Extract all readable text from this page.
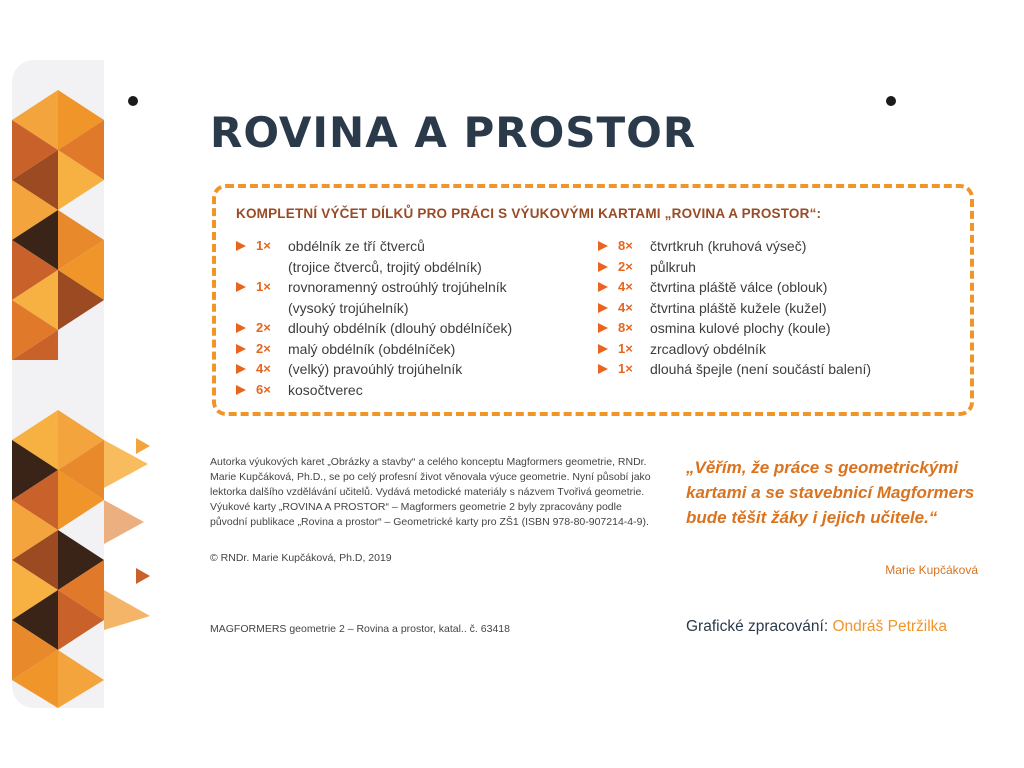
ROVINA A PROSTOR
KOMPLETNÍ VÝČET DÍLKŮ PRO PRÁCI S VÝUKOVÝMI KARTAMI „ROVINA A PROSTOR“:
1× obdélník ze tří čtverců
(trojice čtverců, trojitý obdélník)
1× rovnoramenný ostroúhlý trojúhelník
(vysoký trojúhelník)
2× dlouhý obdélník (dlouhý obdélníček)
2× malý obdélník (obdélníček)
4× (velký) pravoúhlý trojúhelník
6× kosočtverec
8× čtvrtkruh (kruhová výseč)
2× půlkruh
4× čtvrtina pláště válce (oblouk)
4× čtvrtina pláště kužele (kužel)
8× osmina kulové plochy (koule)
1× zrcadlový obdélník
1× dlouhá špejle (není součástí balení)

Autorka výukových karet „Obrázky a stavby“ a celého konceptu Magformers geometrie, RNDr. Marie Kupčáková, Ph.D., se po celý profesní život věnovala výuce geometrie. Nyní působí jako lektorka dalšího vzdělávání učitelů. Vydává metodické materiály s názvem Tvořivá geometrie. Výukové karty „ROVINA A PROSTOR“ – Magformers geometrie 2 byly zpracovány podle původní publikace „Rovina a prostor“ – Geometrické karty pro ZŠ1 (ISBN 978-80-907214-4-9).

© RNDr. Marie Kupčáková, Ph.D, 2019

„Věřím, že práce s geometrickými kartami a se stavebnicí Magformers bude těšit žáky i jejich učitele.“

Marie Kupčáková
MAGFORMERS geometrie 2 – Rovina a prostor, katal.. č. 63418	Grafické zpracování: Ondráš Petržilka
